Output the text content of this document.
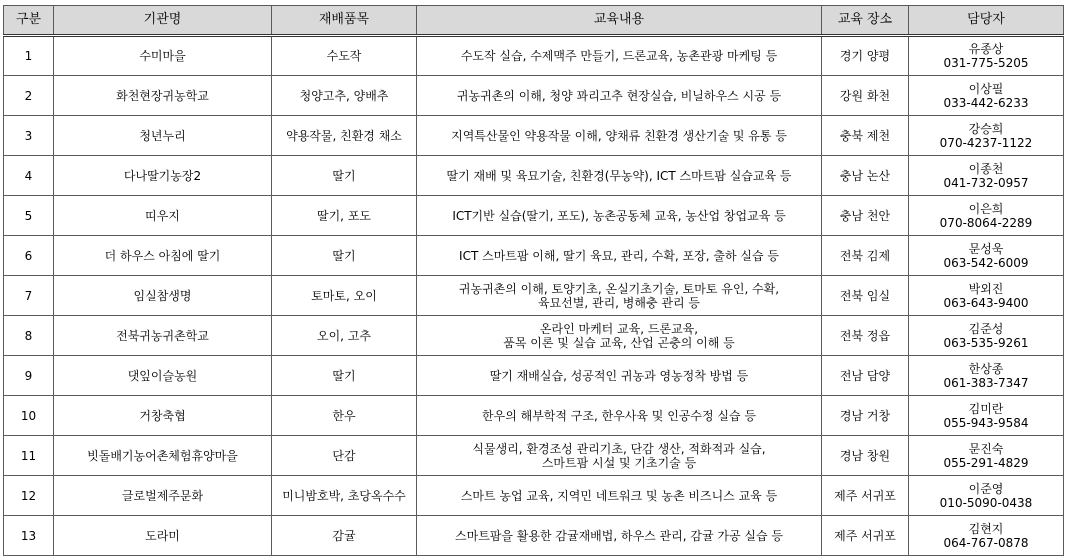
구분	기관명	재배품목	교육내용	교육 장소	담당자
1	수미마을	수도작	수도작 실습, 수제맥주 만들기, 드론교육, 농촌관광 마케팅 등	경기 양평	유종상
031-775-5205

2	화천현장귀농학교	청양고추, 양배추	귀농귀촌의 이해, 청양 꽈리고추 현장실습, 비닐하우스 시공 등	강원 화천	이상필
033-442-6233

3	청년누리	약용작물, 친환경 채소	지역특산물인 약용작물 이해, 양채류 친환경 생산기술 및 유통 등	충북 제천	강승희
070-4237-1122

4	다나딸기농장2	딸기	딸기 재배 및 육묘기술, 친환경(무농약), ICT 스마트팜 실습교육 등	충남 논산	이종천
041-732-0957

5	띠우지	딸기, 포도	ICT기반 실습(딸기, 포도), 농촌공동체 교육, 농산업 창업교육 등	충남 천안	이은희
070-8064-2289

6	더 하우스 아침에 딸기	딸기	ICT 스마트팜 이해, 딸기 육묘, 관리, 수확, 포장, 출하 실습 등	전북 김제	문성욱
063-542-6009

7	임실참생명	토마토, 오이	귀농귀촌의 이해, 토양기초, 온실기초기술, 토마토 유인, 수확,
육묘선별, 관리, 병해충 관리 등	전북 임실	박외진
063-643-9400

8	전북귀농귀촌학교	오이, 고추	온라인 마케터 교육, 드론교육,
품목 이론 및 실습 교육, 산업 곤충의 이해 등	전북 정읍	김준성
063-535-9261

9	댓잎이슬농원	딸기	딸기 재배실습, 성공적인 귀농과 영농정착 방법 등	전남 담양	한상종
061-383-7347

10	거창축협	한우	한우의 해부학적 구조, 한우사육 및 인공수정 실습 등	경남 거창	김미란
055-943-9584

11	빗돌배기농어촌체험휴양마을	단감	식물생리, 환경조성 관리기초, 단감 생산, 적화적과 실습,
스마트팜 시설 및 기초기술 등	경남 창원	문진숙
055-291-4829

12	글로벌제주문화	미니밤호박, 초당옥수수	스마트 농업 교육, 지역민 네트워크 및 농촌 비즈니스 교육 등	제주 서귀포	이준영
010-5090-0438

13	도라미	감귤	스마트팜을 활용한 감귤재배법, 하우스 관리, 감귤 가공 실습 등	제주 서귀포	김현지
064-767-0878
